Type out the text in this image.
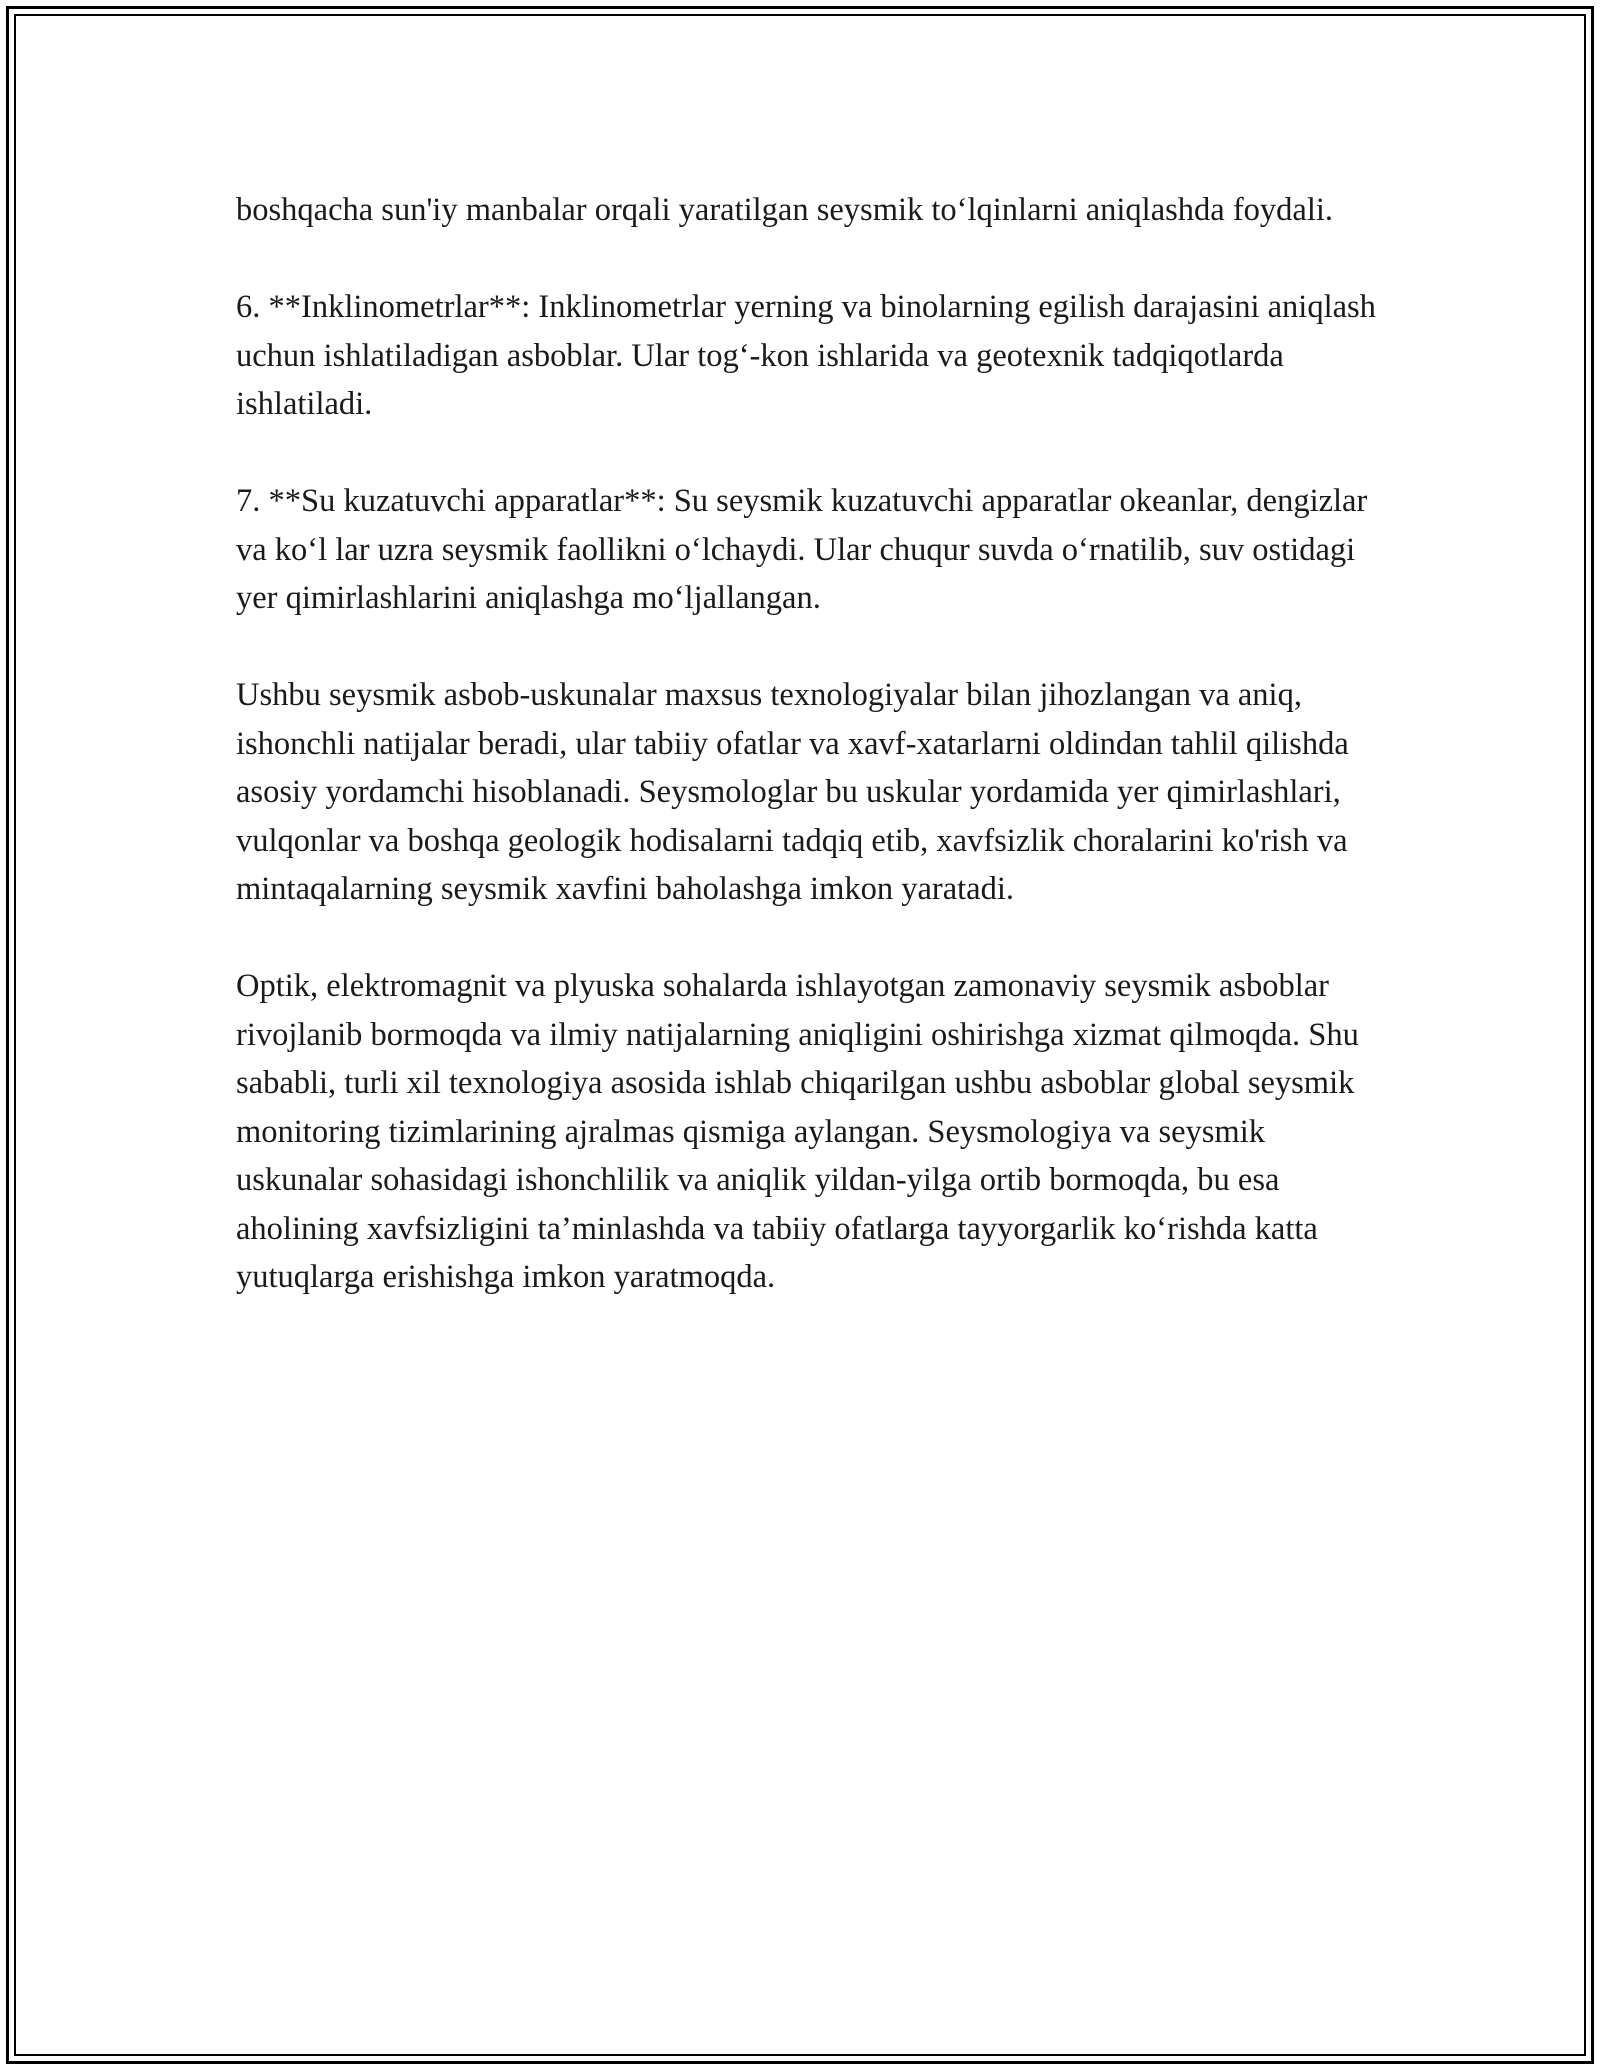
boshqacha sun'iy manbalar orqali yaratilgan seysmik to‘lqinlarni aniqlashda foydali.

6. **Inklinometrlar**: Inklinometrlar yerning va binolarning egilish darajasini aniqlash uchun ishlatiladigan asboblar. Ular tog‘-kon ishlarida va geotexnik tadqiqotlarda ishlatiladi.

7. **Su kuzatuvchi apparatlar**: Su seysmik kuzatuvchi apparatlar okeanlar, dengizlar va ko‘l lar uzra seysmik faollikni o‘lchaydi. Ular chuqur suvda o‘rnatilib, suv ostidagi yer qimirlashlarini aniqlashga mo‘ljallangan.

Ushbu seysmik asbob-uskunalar maxsus texnologiyalar bilan jihozlangan va aniq, ishonchli natijalar beradi, ular tabiiy ofatlar va xavf-xatarlarni oldindan tahlil qilishda asosiy yordamchi hisoblanadi. Seysmologlar bu uskular yordamida yer qimirlashlari, vulqonlar va boshqa geologik hodisalarni tadqiq etib, xavfsizlik choralarini ko'rish va mintaqalarning seysmik xavfini baholashga imkon yaratadi.

Optik, elektromagnit va plyuska sohalarda ishlayotgan zamonaviy seysmik asboblar rivojlanib bormoqda va ilmiy natijalarning aniqligini oshirishga xizmat qilmoqda. Shu sababli, turli xil texnologiya asosida ishlab chiqarilgan ushbu asboblar global seysmik monitoring tizimlarining ajralmas qismiga aylangan. Seysmologiya va seysmik uskunalar sohasidagi ishonchlilik va aniqlik yildan-yilga ortib bormoqda, bu esa aholining xavfsizligini ta’minlashda va tabiiy ofatlarga tayyorgarlik ko‘rishda katta yutuqlarga erishishga imkon yaratmoqda.
